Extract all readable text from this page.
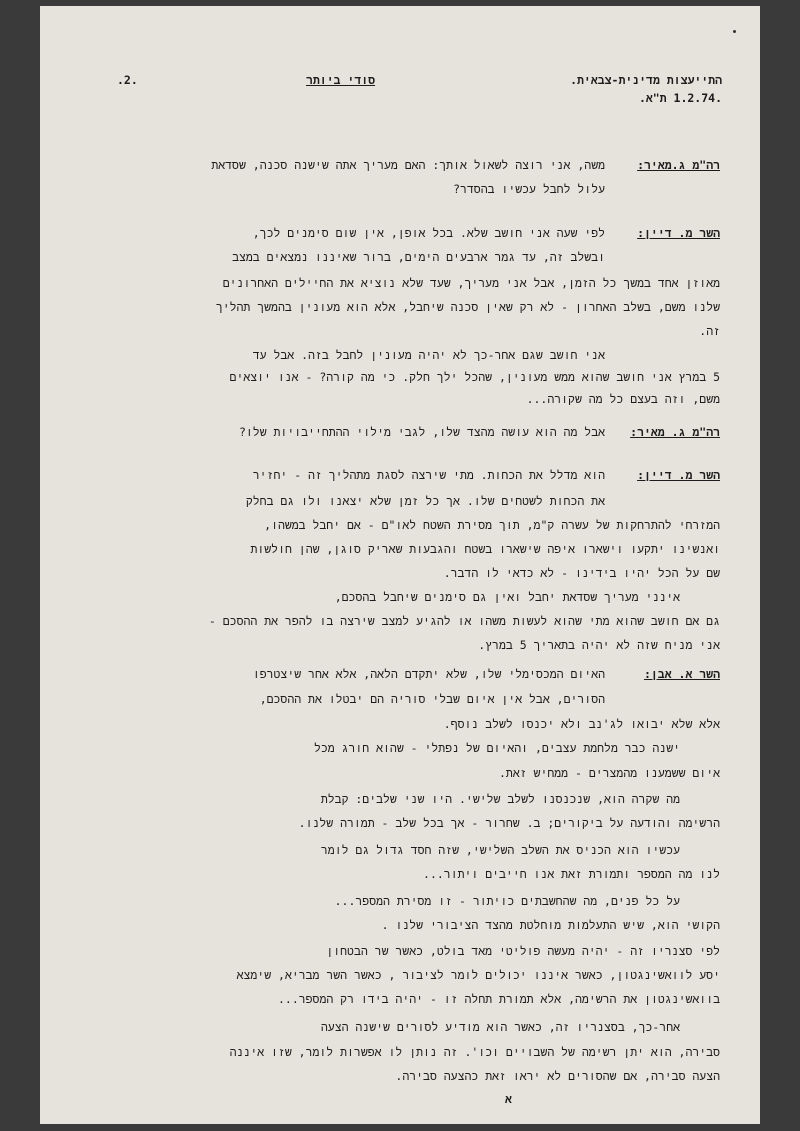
התייעצות מדינית-צבאית.
.1.2.74 ת"א.
סודי ביותר
.2.
רה"מ ג.מאיר:
משה, אני רוצה לשאול אותך: האם מעריך אתה שישנה סכנה, שסדאת
עלול לחבל עכשיו בהסדר?
השר מ. דיין:
לפי שעה אני חושב שלא. בכל אופן, אין שום סימנים לכך,
ובשלב זה, עד גמר ארבעים הימים, ברור שאיננו נמצאים במצב
מאוזן אחד במשך כל הזמן, אבל אני מעריך, שעד שלא נוציא את החיילים האחרונים
שלנו משם, בשלב האחרון - לא רק שאין סכנה שיחבל, אלא הוא מעונין בהמשך תהליך
זה.
אני חושב שגם אחר-כך לא יהיה מעונין לחבל בזה. אבל עד
5 במרץ אני חושב שהוא ממש מעונין, שהכל ילך חלק. כי מה קורה? - אנו יוצאים
משם, וזה בעצם כל מה שקורה...
רה"מ ג. מאיר:
אבל מה הוא עושה מהצד שלו, לגבי מילוי ההתחייבויות שלו?
השר מ. דיין:
הוא מדלל את הכחות. מתי שירצה לסגת מתהליך זה - יחזיר
את הכחות לשטחים שלו. אך כל זמן שלא יצאנו ולו גם בחלק
המזרחי להתרחקות של עשרה ק"מ, תוך מסירת השטח לאו"ם - אם יחבל במשהו,
ואנשינו יתקעו וישארו איפה שישארו בשטח והגבעות שאריק סוגן, שהן חולשות
שם על הכל יהיו בידינו - לא כדאי לו הדבר.
אינני מעריך שסדאת יחבל ואין גם סימנים שיחבל בהסכם,
גם אם חושב שהוא מתי שהוא לעשות משהו או להגיע למצב שירצה בו להפר את ההסכם -
אני מניח שזה לא יהיה בתאריך 5 במרץ.
השר א. אבן:
האיום המכסימלי שלו, שלא יתקדם הלאה, אלא אחר שיצטרפו
הסורים, אבל אין איום שבלי סוריה הם יבטלו את ההסכם,
אלא שלא יבואו לג'נב ולא יכנסו לשלב נוסף.
ישנה כבר מלחמת עצבים, והאיום של נפתלי - שהוא חורג מכל
איום ששמענו מהמצרים - ממחיש זאת.
מה שקרה הוא, שנכנסנו לשלב שלישי. היו שני שלבים: קבלת
הרשימה והודעה על ביקורים; ב. שחרור - אך בכל שלב - תמורה שלנו.
עכשיו הוא הכניס את השלב השלישי, שזה חסד גדול גם לומר
לנו מה המספר ותמורת זאת אנו חייבים ויתור...
על כל פנים, מה שהחשבתים כויתור - זו מסירת המספר...
הקושי הוא, שיש התעלמות מוחלטת מהצד הציבורי שלנו .
לפי סצנריו זה - יהיה מעשה פוליטי מאד בולט, כאשר שר הבטחון
יסע לוואשינגטון, כאשר איננו יכולים לומר לציבור , כאשר השר מבריא, שימצא
בוואשינגטון את הרשימה, אלא תמורת תחלה זו - יהיה בידו רק המספר...
אחר-כך, בסצנריו זה, כאשר הוא מודיע לסורים שישנה הצעה
סבירה, הוא יתן רשימה של השבויים וכו'. זה נותן לו אפשרות לומר, שזו איננה
הצעה סבירה, אם שהסורים לא יראו זאת כהצעה סבירה.
א
